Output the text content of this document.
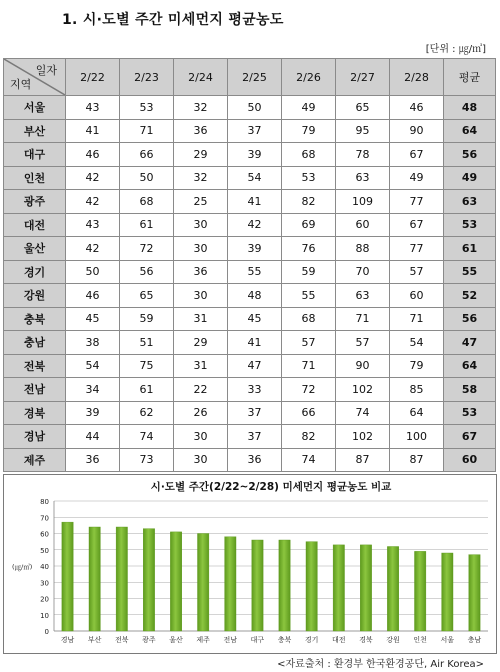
1. 시·도별 주간 미세먼지 평균농도
[단위 : ㎍/㎥]
일자
지역	2/22	2/23	2/24	2/25	2/26	2/27	2/28	평균
서울	43	53	32	50	49	65	46	48
부산	41	71	36	37	79	95	90	64
대구	46	66	29	39	68	78	67	56
인천	42	50	32	54	53	63	49	49
광주	42	68	25	41	82	109	77	63
대전	43	61	30	42	69	60	67	53
울산	42	72	30	39	76	88	77	61
경기	50	56	36	55	59	70	57	55
강원	46	65	30	48	55	63	60	52
충북	45	59	31	45	68	71	71	56
충남	38	51	29	41	57	57	54	47
전북	54	75	31	47	71	90	79	64
전남	34	61	22	33	72	102	85	58
경북	39	62	26	37	66	74	64	53
경남	44	74	30	37	82	102	100	67
제주	36	73	30	36	74	87	87	60
시·도별 주간(2/22~2/28) 미세먼지 평균농도 비교
0
10
20
30
40
50
60
70
80
(㎍/㎥)
경남 부산 전북 광주 울산 제주 전남 대구 충북 경기 대전 경북 강원 인천 서울 충남
<자료출처 : 환경부 한국환경공단, Air Korea>
